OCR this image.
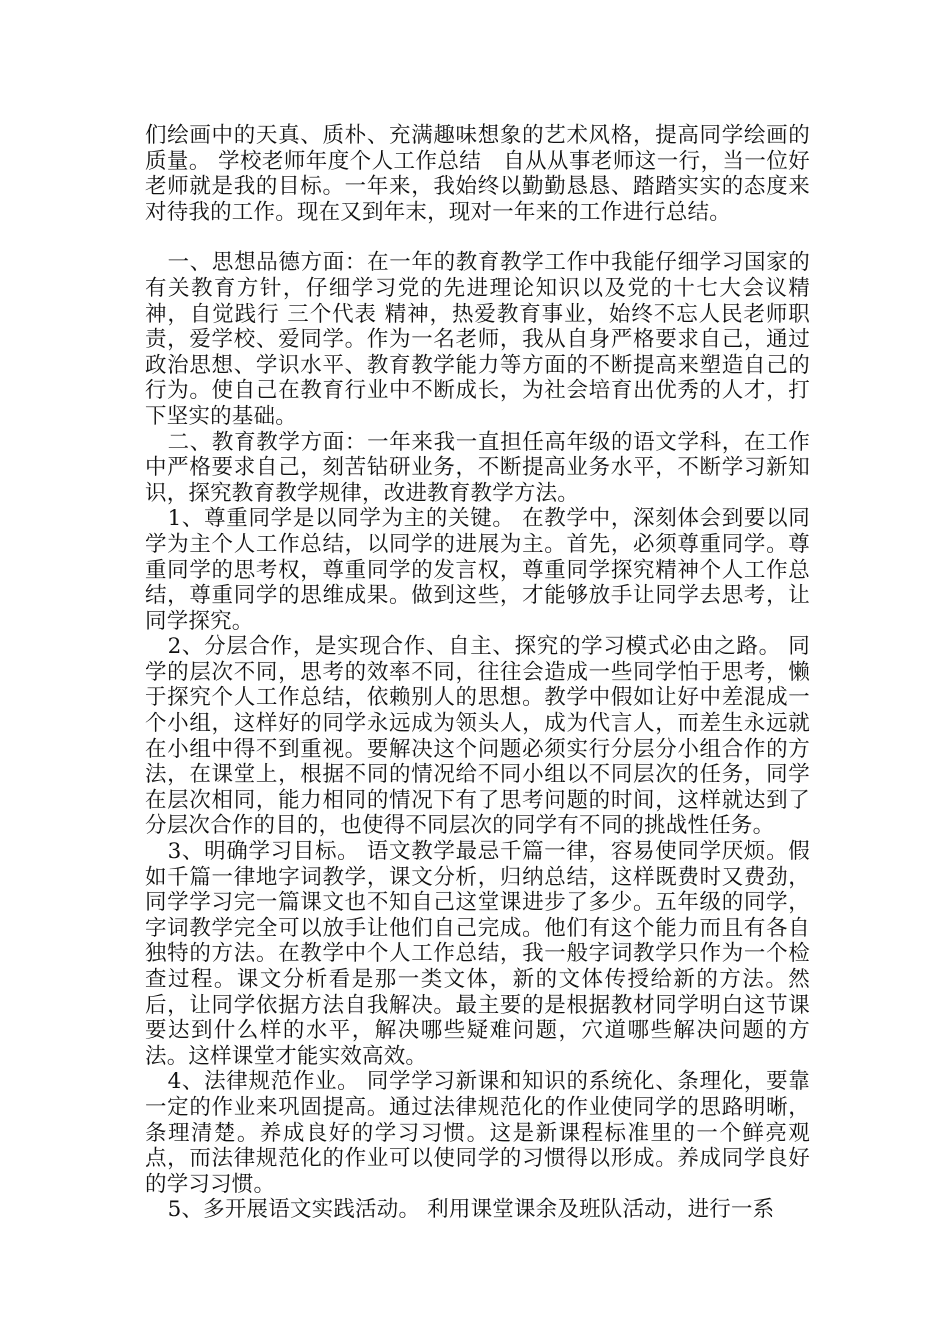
们绘画中的天真、质朴、充满趣味想象的艺术风格，提高同学绘画的质量。 学校老师年度个人工作总结　自从从事老师这一行，当一位好老师就是我的目标。一年来，我始终以勤勤恳恳、踏踏实实的态度来对待我的工作。现在又到年末，现对一年来的工作进行总结。

一、思想品德方面：在一年的教育教学工作中我能仔细学习国家的有关教育方针，仔细学习党的先进理论知识以及党的十七大会议精神，自觉践行 三个代表 精神，热爱教育事业，始终不忘人民老师职责，爱学校、爱同学。作为一名老师，我从自身严格要求自己，通过政治思想、学识水平、教育教学能力等方面的不断提高来塑造自己的行为。使自己在教育行业中不断成长，为社会培育出优秀的人才，打下坚实的基础。

二、教育教学方面：一年来我一直担任高年级的语文学科，在工作中严格要求自己，刻苦钻研业务，不断提高业务水平，不断学习新知识，探究教育教学规律，改进教育教学方法。

1、尊重同学是以同学为主的关键。 在教学中，深刻体会到要以同学为主个人工作总结，以同学的进展为主。首先，必须尊重同学。尊重同学的思考权，尊重同学的发言权，尊重同学探究精神个人工作总结，尊重同学的思维成果。做到这些，才能够放手让同学去思考，让同学探究。

2、分层合作，是实现合作、自主、探究的学习模式必由之路。 同学的层次不同，思考的效率不同，往往会造成一些同学怕于思考，懒于探究个人工作总结，依赖别人的思想。教学中假如让好中差混成一个小组，这样好的同学永远成为领头人，成为代言人，而差生永远就在小组中得不到重视。要解决这个问题必须实行分层分小组合作的方法，在课堂上，根据不同的情况给不同小组以不同层次的任务，同学在层次相同，能力相同的情况下有了思考问题的时间，这样就达到了分层次合作的目的，也使得不同层次的同学有不同的挑战性任务。

3、明确学习目标。 语文教学最忌千篇一律，容易使同学厌烦。假如千篇一律地字词教学，课文分析，归纳总结，这样既费时又费劲，同学学习完一篇课文也不知自己这堂课进步了多少。五年级的同学，字词教学完全可以放手让他们自己完成。他们有这个能力而且有各自独特的方法。在教学中个人工作总结，我一般字词教学只作为一个检查过程。课文分析看是那一类文体，新的文体传授给新的方法。然后，让同学依据方法自我解决。最主要的是根据教材同学明白这节课要达到什么样的水平，解决哪些疑难问题，穴道哪些解决问题的方法。这样课堂才能实效高效。

4、法律规范作业。 同学学习新课和知识的系统化、条理化，要靠一定的作业来巩固提高。通过法律规范化的作业使同学的思路明晰，条理清楚。养成良好的学习习惯。这是新课程标准里的一个鲜亮观点，而法律规范化的作业可以使同学的习惯得以形成。养成同学良好的学习习惯。

5、多开展语文实践活动。 利用课堂课余及班队活动，进行一系
